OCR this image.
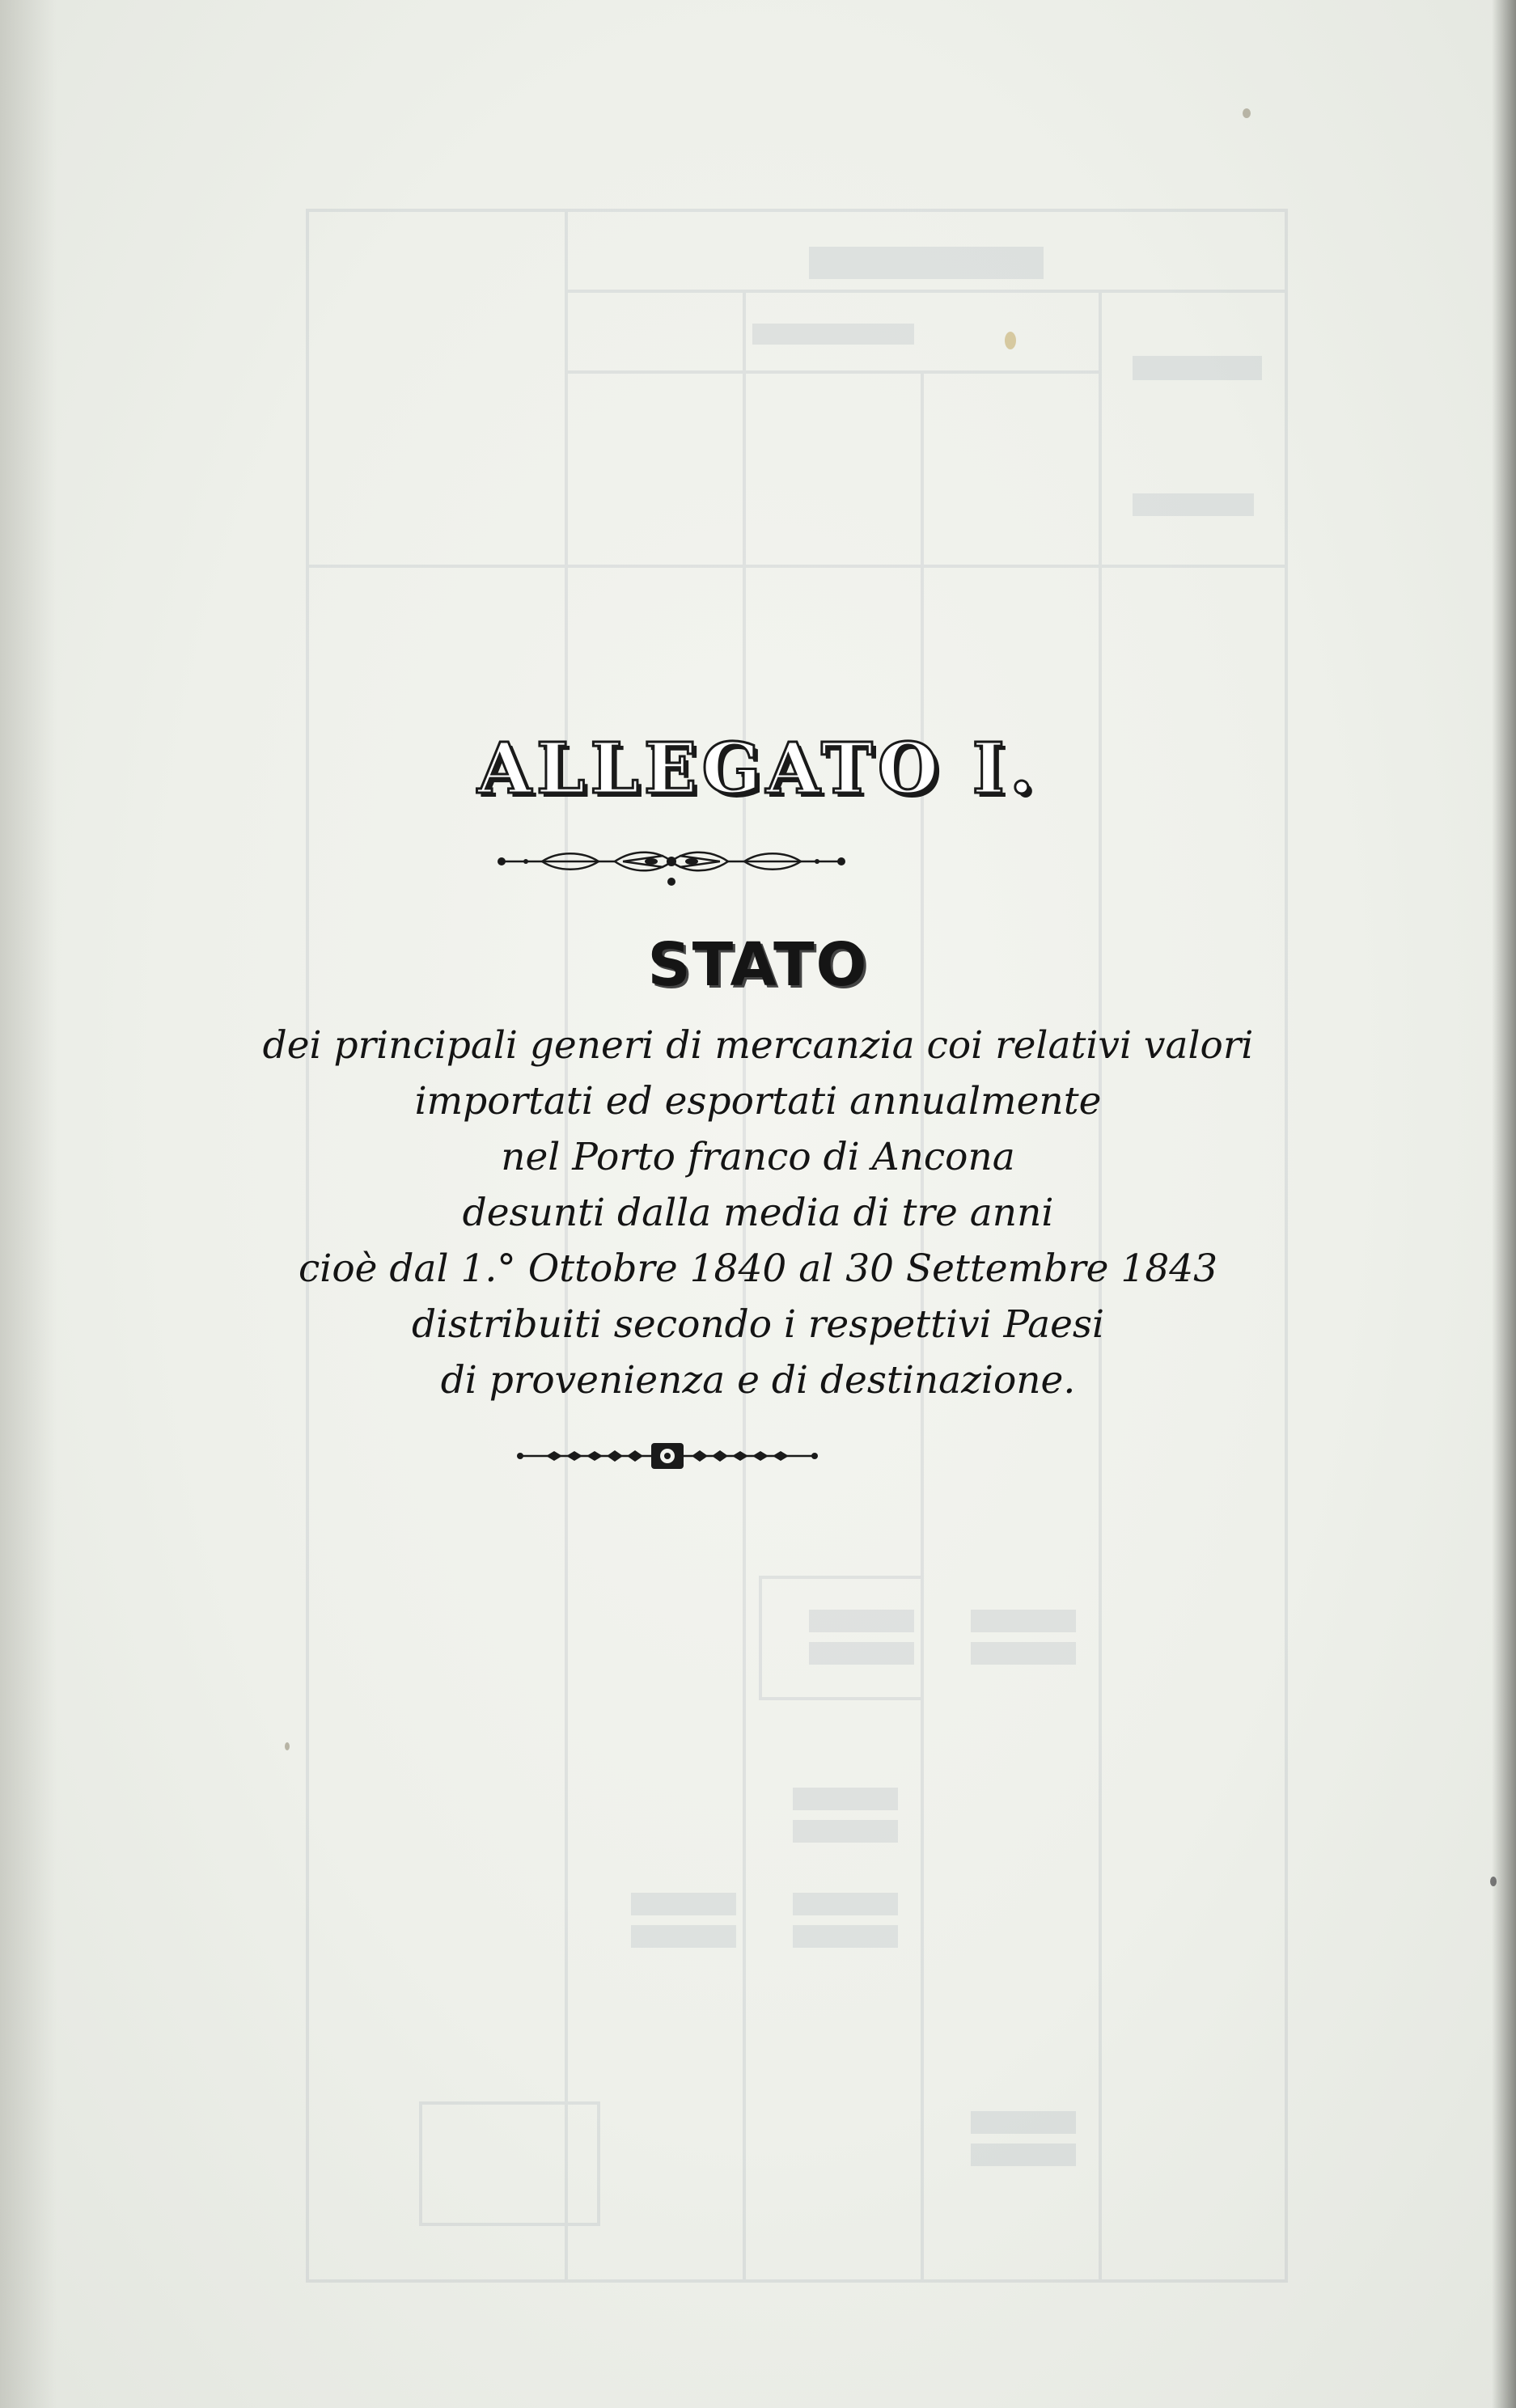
ALLEGATO I.
STATO
dei principali generi di mercanzia coi relativi valori
importati ed esportati annualmente
nel Porto franco di Ancona
desunti dalla media di tre anni
cioè dal 1.° Ottobre 1840 al 30 Settembre 1843
distribuiti secondo i respettivi Paesi
di provenienza e di destinazione.
